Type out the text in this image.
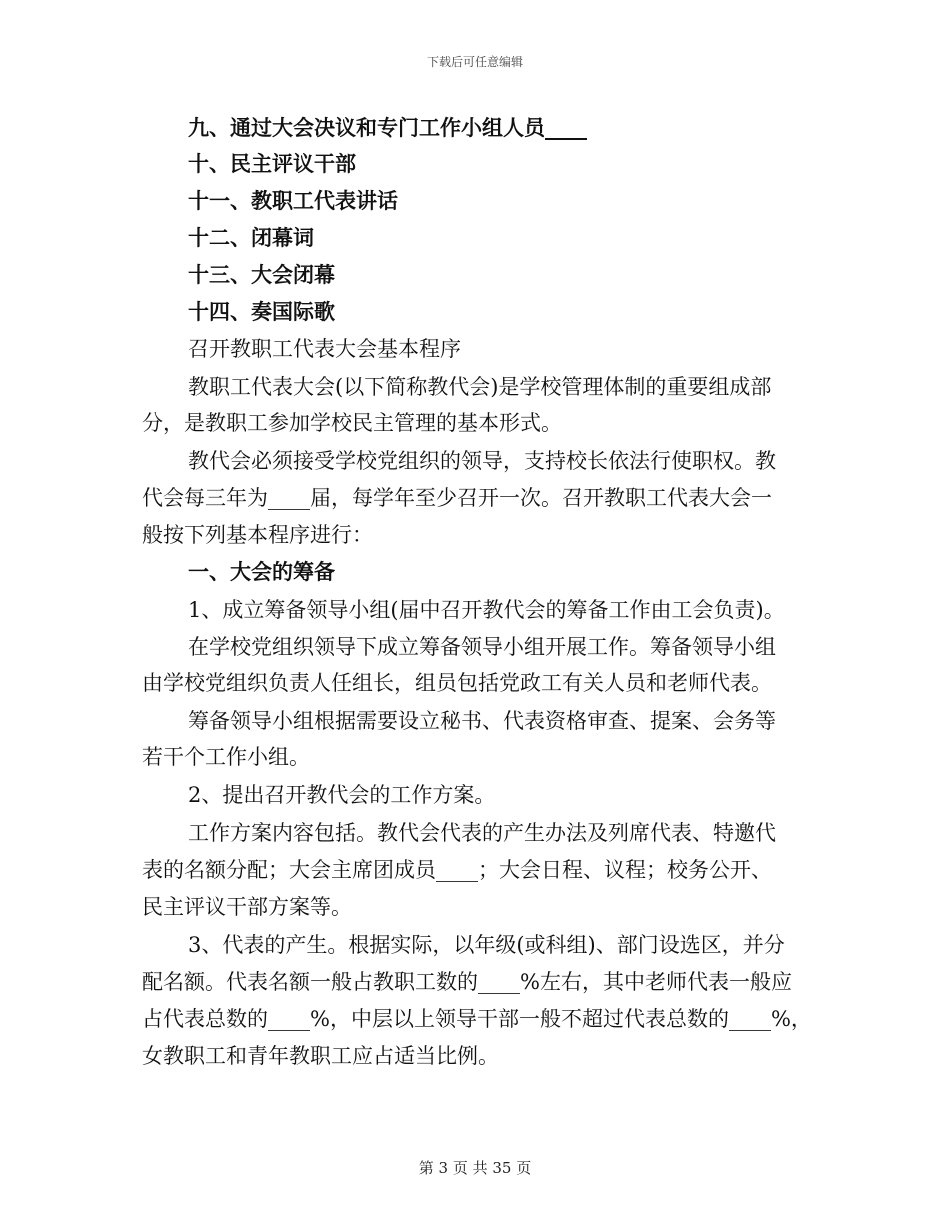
下载后可任意编辑
九、通过大会决议和专门工作小组人员____
十、民主评议干部
十一、教职工代表讲话
十二、闭幕词
十三、大会闭幕
十四、奏国际歌
召开教职工代表大会基本程序
教职工代表大会(以下简称教代会)是学校管理体制的重要组成部
分，是教职工参加学校民主管理的基本形式。
教代会必须接受学校党组织的领导，支持校长依法行使职权。教
代会每三年为____届，每学年至少召开一次。召开教职工代表大会一
般按下列基本程序进行：
一、大会的筹备
1、成立筹备领导小组(届中召开教代会的筹备工作由工会负责)。
在学校党组织领导下成立筹备领导小组开展工作。筹备领导小组
由学校党组织负责人任组长，组员包括党政工有关人员和老师代表。
筹备领导小组根据需要设立秘书、代表资格审查、提案、会务等
若干个工作小组。
2、提出召开教代会的工作方案。
工作方案内容包括。教代会代表的产生办法及列席代表、特邀代
表的名额分配；大会主席团成员____；大会日程、议程；校务公开、
民主评议干部方案等。
3、代表的产生。根据实际，以年级(或科组)、部门设选区，并分
配名额。代表名额一般占教职工数的____%左右，其中老师代表一般应
占代表总数的____%，中层以上领导干部一般不超过代表总数的____%，
女教职工和青年教职工应占适当比例。
第 3 页 共 35 页
